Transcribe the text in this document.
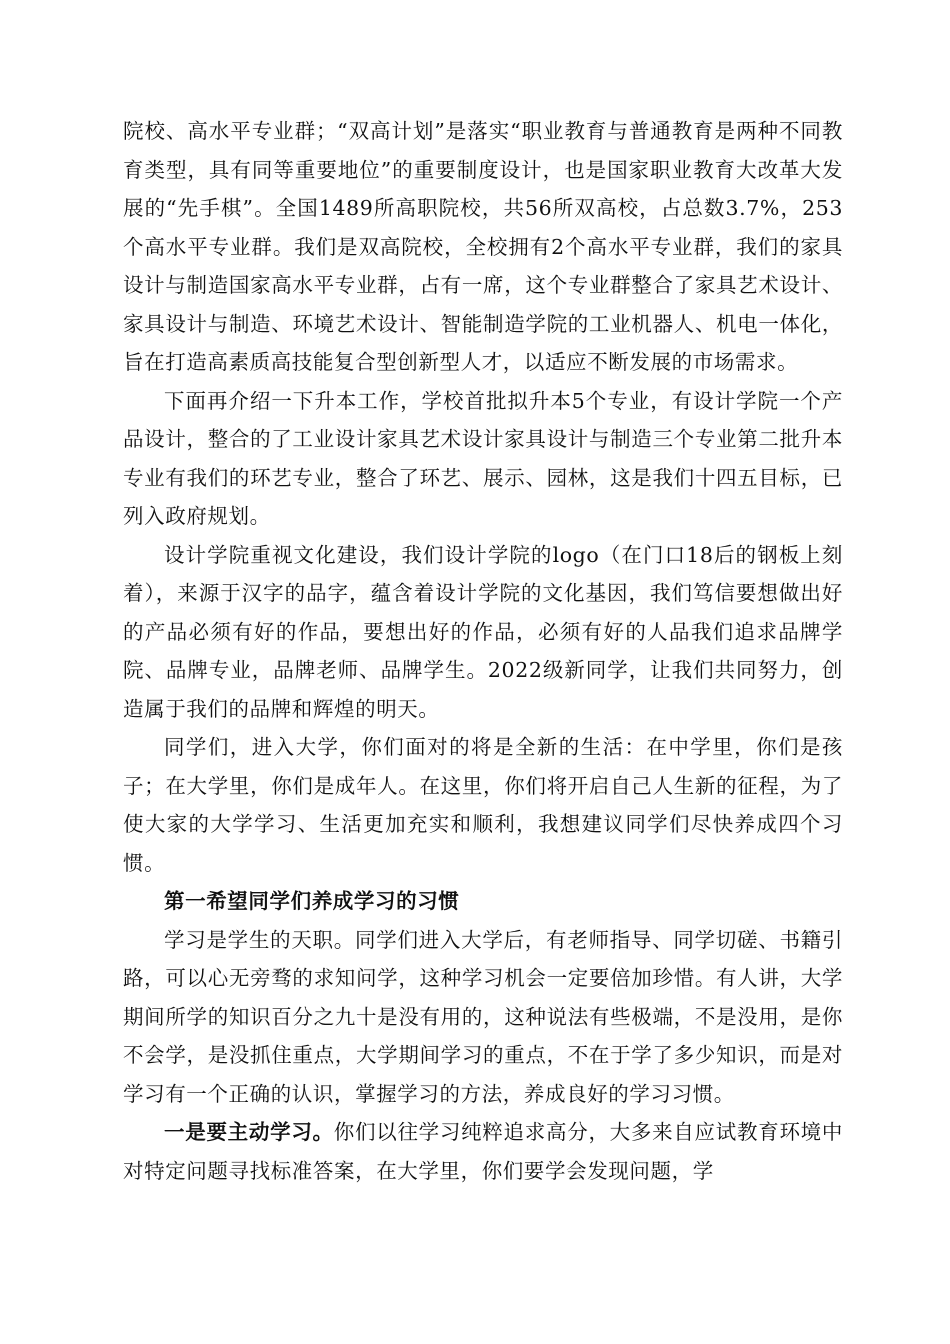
院校、高水平专业群；“双高计划”是落实“职业教育与普通教育是两种不同教育类型，具有同等重要地位”的重要制度设计，也是国家职业教育大改革大发展的“先手棋”。全国1489所高职院校，共56所双高校，占总数3.7%，253个高水平专业群。我们是双高院校，全校拥有2个高水平专业群，我们的家具设计与制造国家高水平专业群，占有一席，这个专业群整合了家具艺术设计、家具设计与制造、环境艺术设计、智能制造学院的工业机器人、机电一体化，旨在打造高素质高技能复合型创新型人才，以适应不断发展的市场需求。

下面再介绍一下升本工作，学校首批拟升本5个专业，有设计学院一个产品设计，整合的了工业设计家具艺术设计家具设计与制造三个专业第二批升本专业有我们的环艺专业，整合了环艺、展示、园林，这是我们十四五目标，已列入政府规划。

设计学院重视文化建设，我们设计学院的logo（在门口18后的钢板上刻着），来源于汉字的品字，蕴含着设计学院的文化基因，我们笃信要想做出好的产品必须有好的作品，要想出好的作品，必须有好的人品我们追求品牌学院、品牌专业，品牌老师、品牌学生。2022级新同学，让我们共同努力，创造属于我们的品牌和辉煌的明天。

同学们，进入大学，你们面对的将是全新的生活：在中学里，你们是孩子；在大学里，你们是成年人。在这里，你们将开启自己人生新的征程，为了使大家的大学学习、生活更加充实和顺利，我想建议同学们尽快养成四个习惯。

第一希望同学们养成学习的习惯

学习是学生的天职。同学们进入大学后，有老师指导、同学切磋、书籍引路，可以心无旁骛的求知问学，这种学习机会一定要倍加珍惜。有人讲，大学期间所学的知识百分之九十是没有用的，这种说法有些极端，不是没用，是你不会学，是没抓住重点，大学期间学习的重点，不在于学了多少知识，而是对学习有一个正确的认识，掌握学习的方法，养成良好的学习习惯。

一是要主动学习。你们以往学习纯粹追求高分，大多来自应试教育环境中对特定问题寻找标准答案，在大学里，你们要学会发现问题，学
